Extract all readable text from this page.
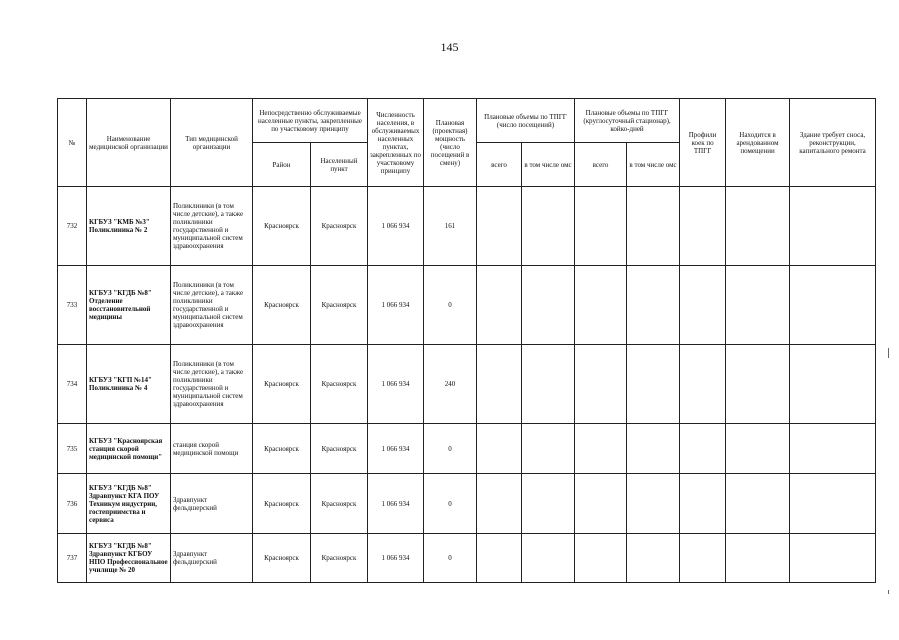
145
№	Наименование медицинской организации	Тип медицинской организации	Непосредственно обслуживаемые населенные пункты, закрепленные по участковому принципу		Численность населения, в обслуживаемых населенных пунктах, закрепленных по участковому принципу	Плановая (проектная) мощность (число посещений в смену)	Плановые объемы по ТПГГ (число посещений)		Плановые объемы по ТПГГ (круглосуточный стационар), койко-дней		Профили коек по ТПГГ	Находится в арендованном помещении	Здание требует сноса, реконструкции, капитального ремонта
			Район	Населенный пункт			всего	в том числе омс	всего	в том числе омс			
732	КГБУЗ "КМБ №3" Поликлиника № 2	Поликлиники (в том числе детские), а также поликлиники государственной и муниципальной систем здравоохранения	Красноярск	Красноярск	1 066 934	161							
733	КГБУЗ "КГДБ №8" Отделение восстановительной медицины	Поликлиники (в том числе детские), а также поликлиники государственной и муниципальной систем здравоохранения	Красноярск	Красноярск	1 066 934	0							
734	КГБУЗ "КГП №14" Поликлиника № 4	Поликлиники (в том числе детские), а также поликлиники государственной и муниципальной систем здравоохранения	Красноярск	Красноярск	1 066 934	240							
735	КГБУЗ "Красноярская станция скорой медицинской помощи"	станция скорой медицинской помощи	Красноярск	Красноярск	1 066 934	0							
736	КГБУЗ "КГДБ №8" Здравпункт КГА ПОУ Техникум индустрии, гостеприимства и сервиса	Здравпункт фельдшерский	Красноярск	Красноярск	1 066 934	0							
737	КГБУЗ "КГДБ №8" Здравпункт КГБОУ НПО Профессиональное училище № 20	Здравпункт фельдшерский	Красноярск	Красноярск	1 066 934	0							
